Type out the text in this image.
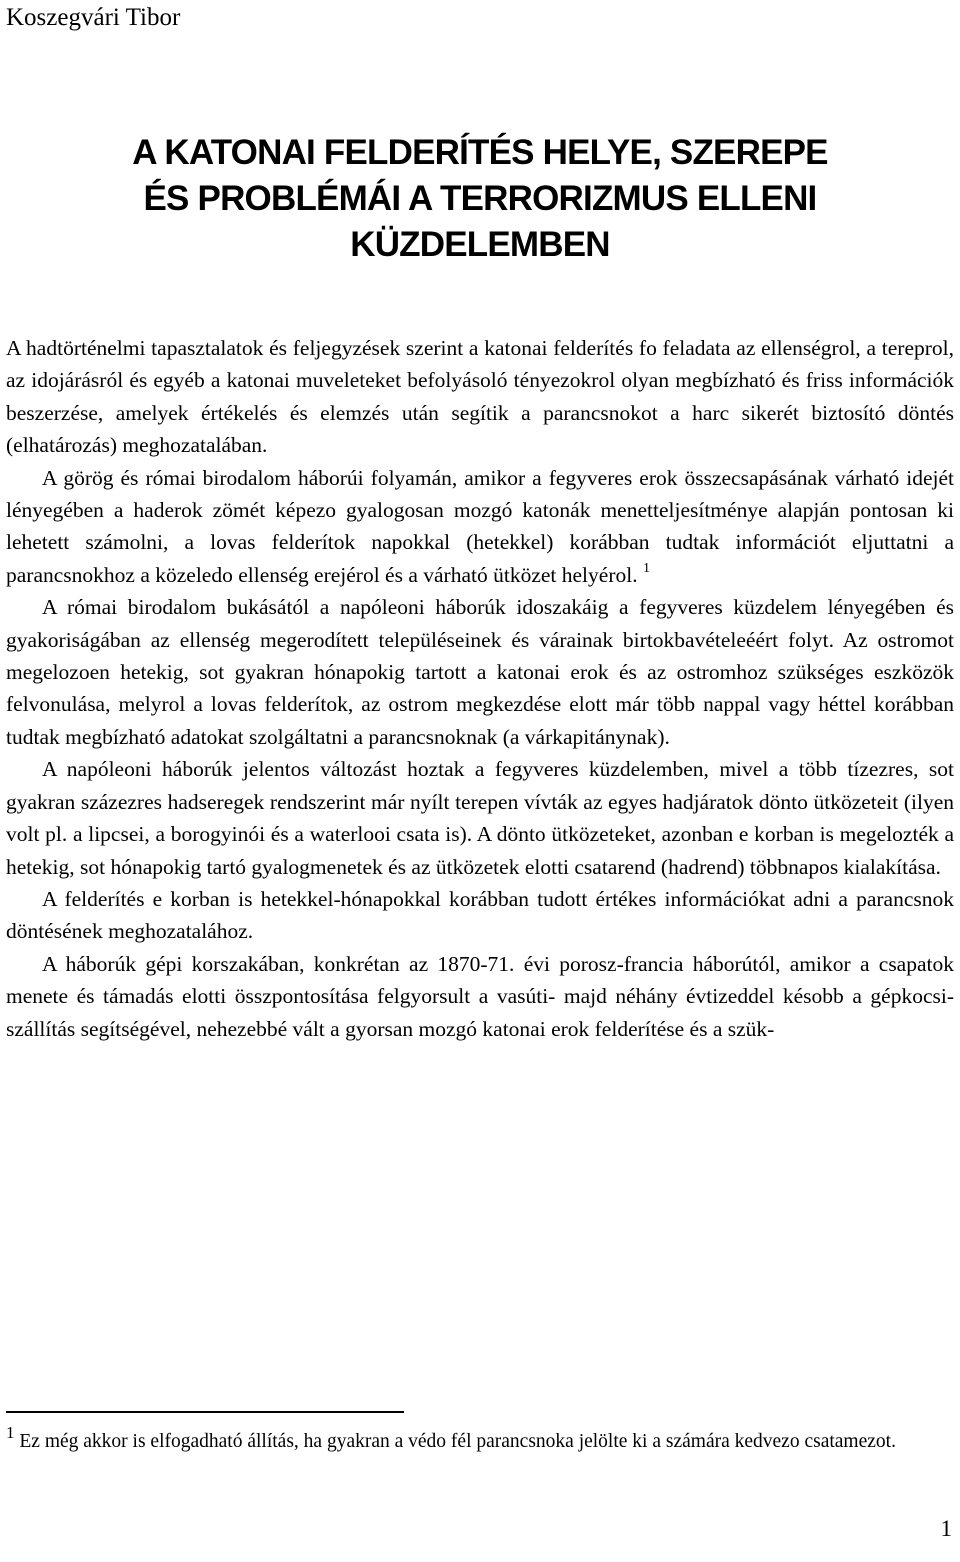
Koszegvári Tibor
A KATONAI FELDERÍTÉS HELYE, SZEREPE
ÉS PROBLÉMÁI A TERRORIZMUS ELLENI
KÜZDELEMBEN

A hadtörténelmi tapasztalatok és feljegyzések szerint a katonai felderítés fo feladata az ellenségrol, a tereprol, az idojárásról és egyéb a katonai muveleteket befolyásoló tényezokrol olyan megbízható és friss információk beszerzése, amelyek értékelés és elemzés után segítik a parancsnokot a harc sikerét biztosító döntés (elhatározás) meghozatalában.

A görög és római birodalom háborúi folyamán, amikor a fegyveres erok összecsapásának várható idejét lényegében a haderok zömét képezo gyalogosan mozgó katonák menetteljesítménye alapján pontosan ki lehetett számolni, a lovas felderítok napokkal (hetekkel) korábban tudtak információt eljuttatni a parancsnokhoz a közeledo ellenség erejérol és a várható ütközet helyérol. $^1$

A római birodalom bukásától a napóleoni háborúk idoszakáig a fegyveres küzdelem lényegében és gyakoriságában az ellenség megerodített településeinek és várainak birtokbavételeéért folyt. Az ostromot megelozoen hetekig, sot gyakran hónapokig tartott a katonai erok és az ostromhoz szükséges eszközök felvonulása, melyrol a lovas felderítok, az ostrom megkezdése elott már több nappal vagy héttel korábban tudtak megbízható adatokat szolgáltatni a parancsnoknak (a várkapitánynak).

A napóleoni háborúk jelentos változást hoztak a fegyveres küzdelemben, mivel a több tízezres, sot gyakran százezres hadseregek rendszerint már nyílt terepen vívták az egyes hadjáratok dönto ütközeteit (ilyen volt pl. a lipcsei, a borogyinói és a waterlooi csata is). A dönto ütközeteket, azonban e korban is megelozték a hetekig, sot hónapokig tartó gyalogmenetek és az ütközetek elotti csatarend (hadrend) többnapos kialakítása.

A felderítés e korban is hetekkel-hónapokkal korábban tudott értékes információkat adni a parancsnok döntésének meghozatalához.

A háborúk gépi korszakában, konkrétan az 1870-71. évi porosz-francia háborútól, amikor a csapatok menete és támadás elotti összpontosítása felgyorsult a vasúti- majd néhány évtizeddel késobb a gépkocsi-szállítás segítségével, nehezebbé vált a gyorsan mozgó katonai erok felderítése és a szük-

1 Ez még akkor is elfogadható állítás, ha gyakran a védo fél parancsnoka jelölte ki a számára kedvezo csatamezot.

1
